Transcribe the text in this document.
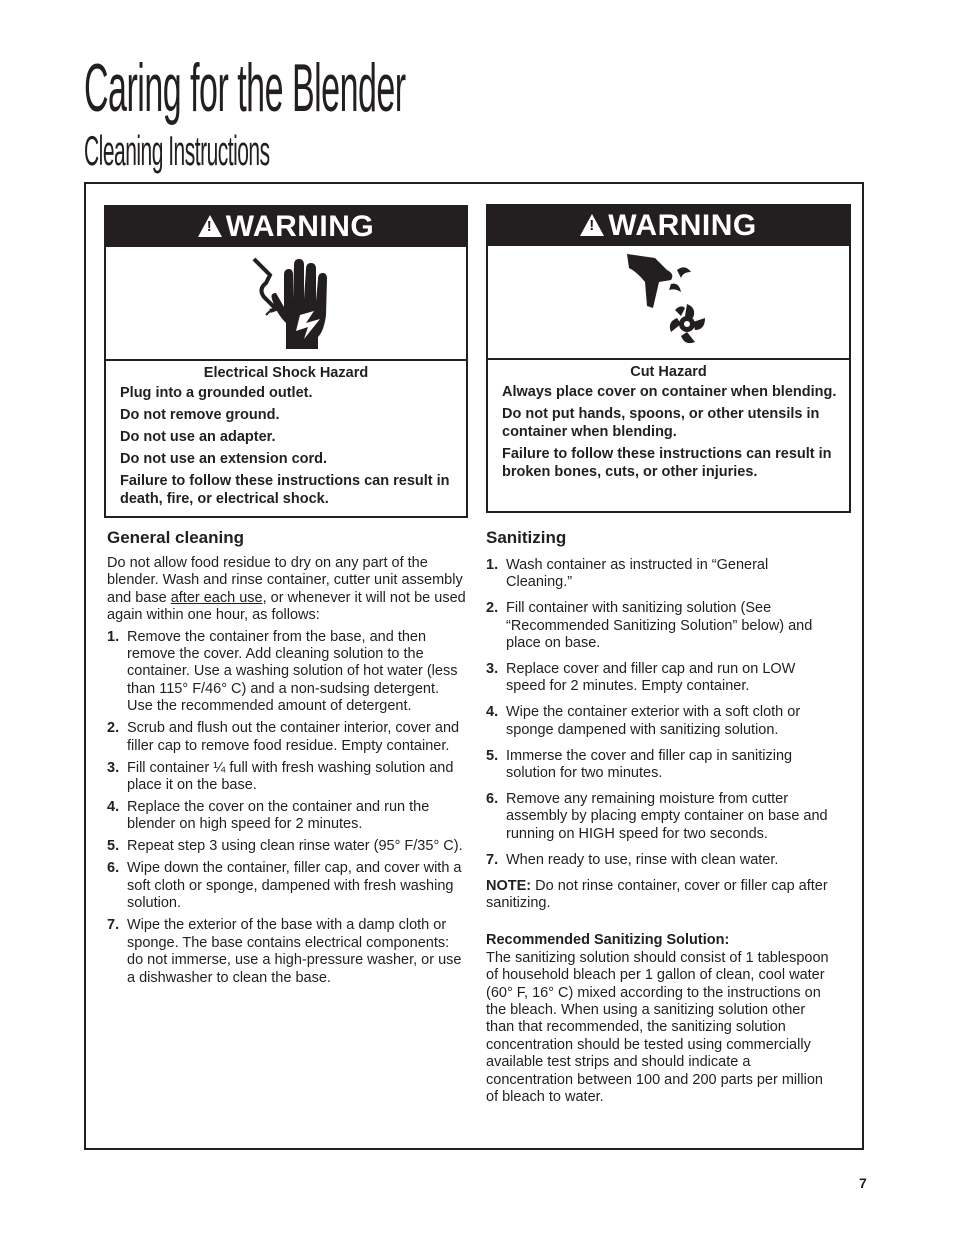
Caring for the Blender
Cleaning Instructions
!
WARNING
Electrical Shock Hazard

Plug into a grounded outlet.

Do not remove ground.

Do not use an adapter.

Do not use an extension cord.

Failure to follow these instructions can result in death, fire, or electrical shock.

!
WARNING
Cut Hazard

Always place cover on container when blending.

Do not put hands, spoons, or other utensils in container when blending.

Failure to follow these instructions can result in broken bones, cuts, or other injuries.

General cleaning

Do not allow food residue to dry on any part of the blender. Wash and rinse container, cutter unit assembly and base after each use, or whenever it will not be used again within one hour, as follows:

1. Remove the container from the base, and then remove the cover. Add cleaning solution to the container. Use a washing solution of hot water (less than 115° F/46° C) and a non-sudsing detergent. Use the recommended amount of detergent.
2. Scrub and flush out the container interior, cover and filler cap to remove food residue. Empty container.
3. Fill container ¼ full with fresh washing solution and place it on the base.
4. Replace the cover on the container and run the blender on high speed for 2 minutes.
5. Repeat step 3 using clean rinse water (95° F/35° C).
6. Wipe down the container, filler cap, and cover with a soft cloth or sponge, dampened with fresh washing solution.
7. Wipe the exterior of the base with a damp cloth or sponge. The base contains electrical components: do not immerse, use a high-pressure washer, or use a dishwasher to clean the base.
Sanitizing
1. Wash container as instructed in “General Cleaning.”
2. Fill container with sanitizing solution (See “Recommended Sanitizing Solution” below) and place on base.
3. Replace cover and filler cap and run on LOW speed for 2 minutes. Empty container.
4. Wipe the container exterior with a soft cloth or sponge dampened with sanitizing solution.
5. Immerse the cover and filler cap in sanitizing solution for two minutes.
6. Remove any remaining moisture from cutter assembly by placing empty container on base and running on HIGH speed for two seconds.
7. When ready to use, rinse with clean water.

NOTE: Do not rinse container, cover or filler cap after sanitizing.

Recommended Sanitizing Solution:

The sanitizing solution should consist of 1 tablespoon of household bleach per 1 gallon of clean, cool water (60° F, 16° C) mixed according to the instructions on the bleach. When using a sanitizing solution other than that recommended, the sanitizing solution concentration should be tested using commercially available test strips and should indicate a concentration between 100 and 200 parts per million of bleach to water.

7
